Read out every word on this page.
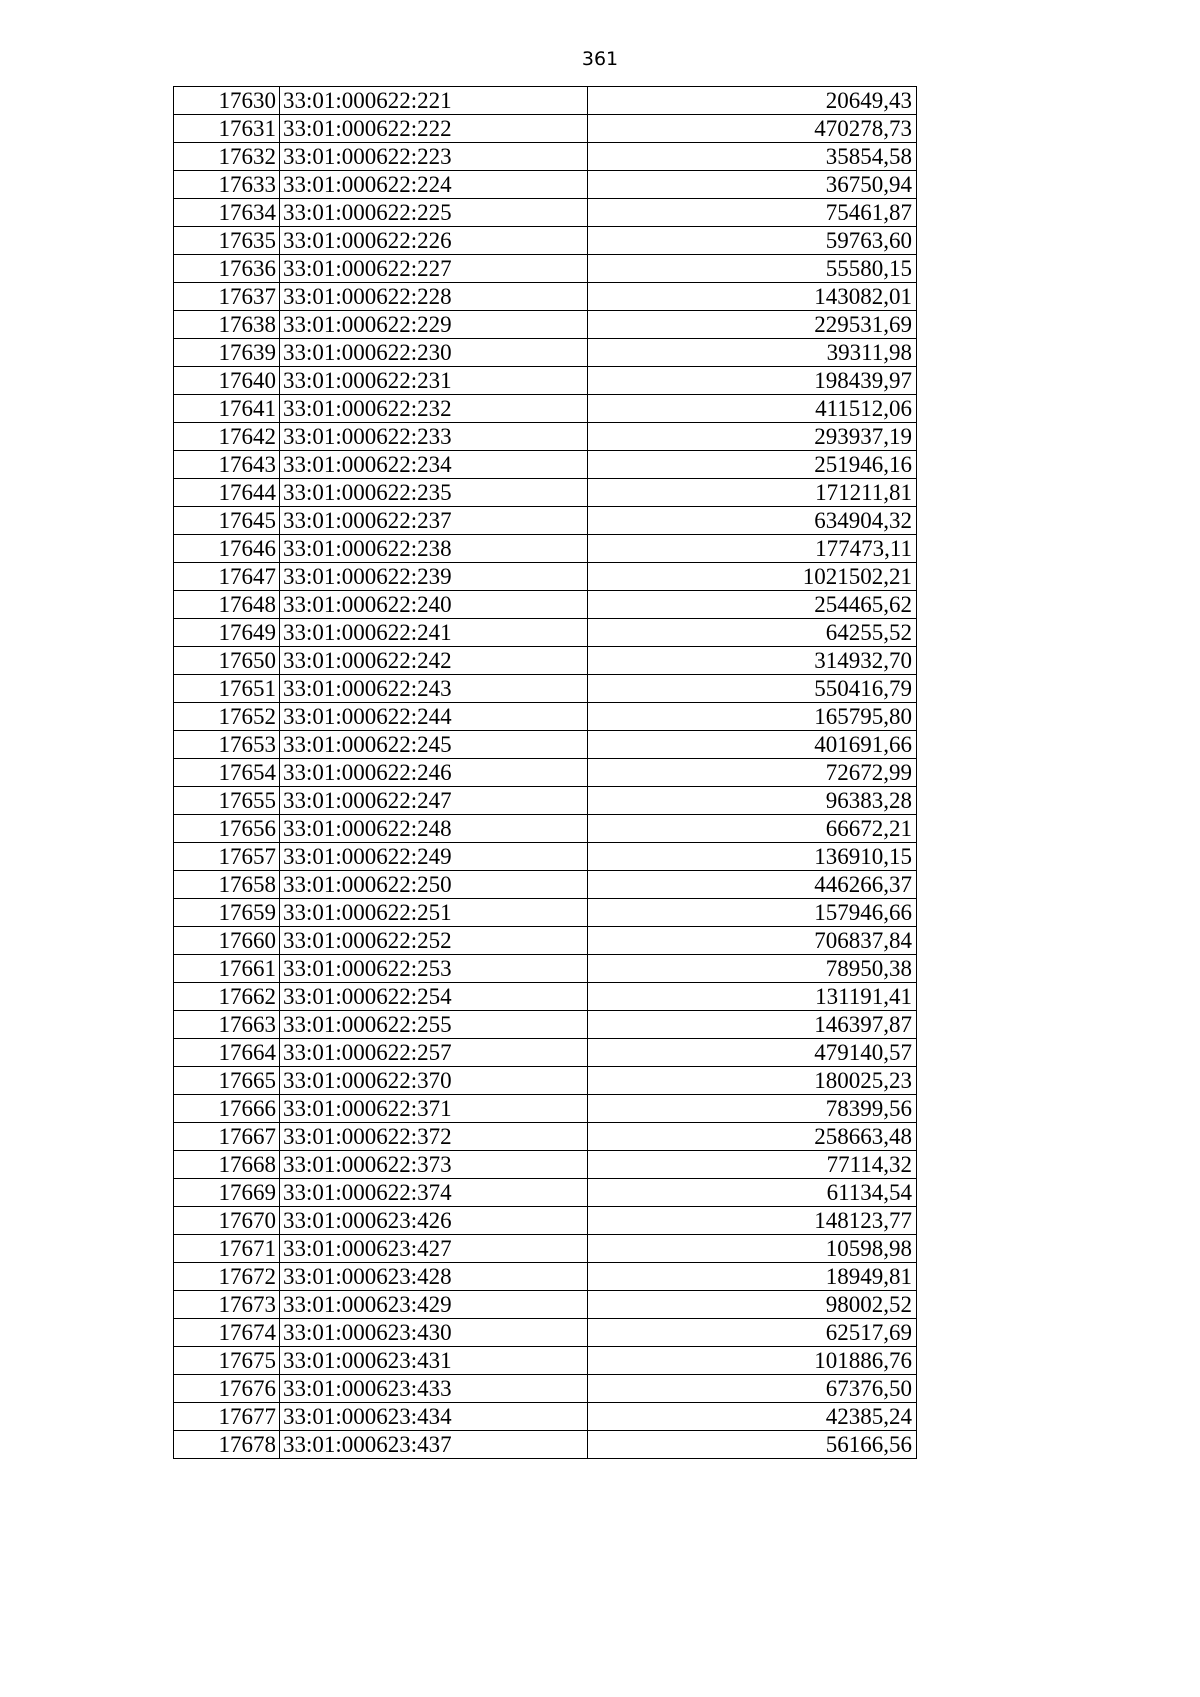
361
17630	33:01:000622:221	20649,43
17631	33:01:000622:222	470278,73
17632	33:01:000622:223	35854,58
17633	33:01:000622:224	36750,94
17634	33:01:000622:225	75461,87
17635	33:01:000622:226	59763,60
17636	33:01:000622:227	55580,15
17637	33:01:000622:228	143082,01
17638	33:01:000622:229	229531,69
17639	33:01:000622:230	39311,98
17640	33:01:000622:231	198439,97
17641	33:01:000622:232	411512,06
17642	33:01:000622:233	293937,19
17643	33:01:000622:234	251946,16
17644	33:01:000622:235	171211,81
17645	33:01:000622:237	634904,32
17646	33:01:000622:238	177473,11
17647	33:01:000622:239	1021502,21
17648	33:01:000622:240	254465,62
17649	33:01:000622:241	64255,52
17650	33:01:000622:242	314932,70
17651	33:01:000622:243	550416,79
17652	33:01:000622:244	165795,80
17653	33:01:000622:245	401691,66
17654	33:01:000622:246	72672,99
17655	33:01:000622:247	96383,28
17656	33:01:000622:248	66672,21
17657	33:01:000622:249	136910,15
17658	33:01:000622:250	446266,37
17659	33:01:000622:251	157946,66
17660	33:01:000622:252	706837,84
17661	33:01:000622:253	78950,38
17662	33:01:000622:254	131191,41
17663	33:01:000622:255	146397,87
17664	33:01:000622:257	479140,57
17665	33:01:000622:370	180025,23
17666	33:01:000622:371	78399,56
17667	33:01:000622:372	258663,48
17668	33:01:000622:373	77114,32
17669	33:01:000622:374	61134,54
17670	33:01:000623:426	148123,77
17671	33:01:000623:427	10598,98
17672	33:01:000623:428	18949,81
17673	33:01:000623:429	98002,52
17674	33:01:000623:430	62517,69
17675	33:01:000623:431	101886,76
17676	33:01:000623:433	67376,50
17677	33:01:000623:434	42385,24
17678	33:01:000623:437	56166,56
